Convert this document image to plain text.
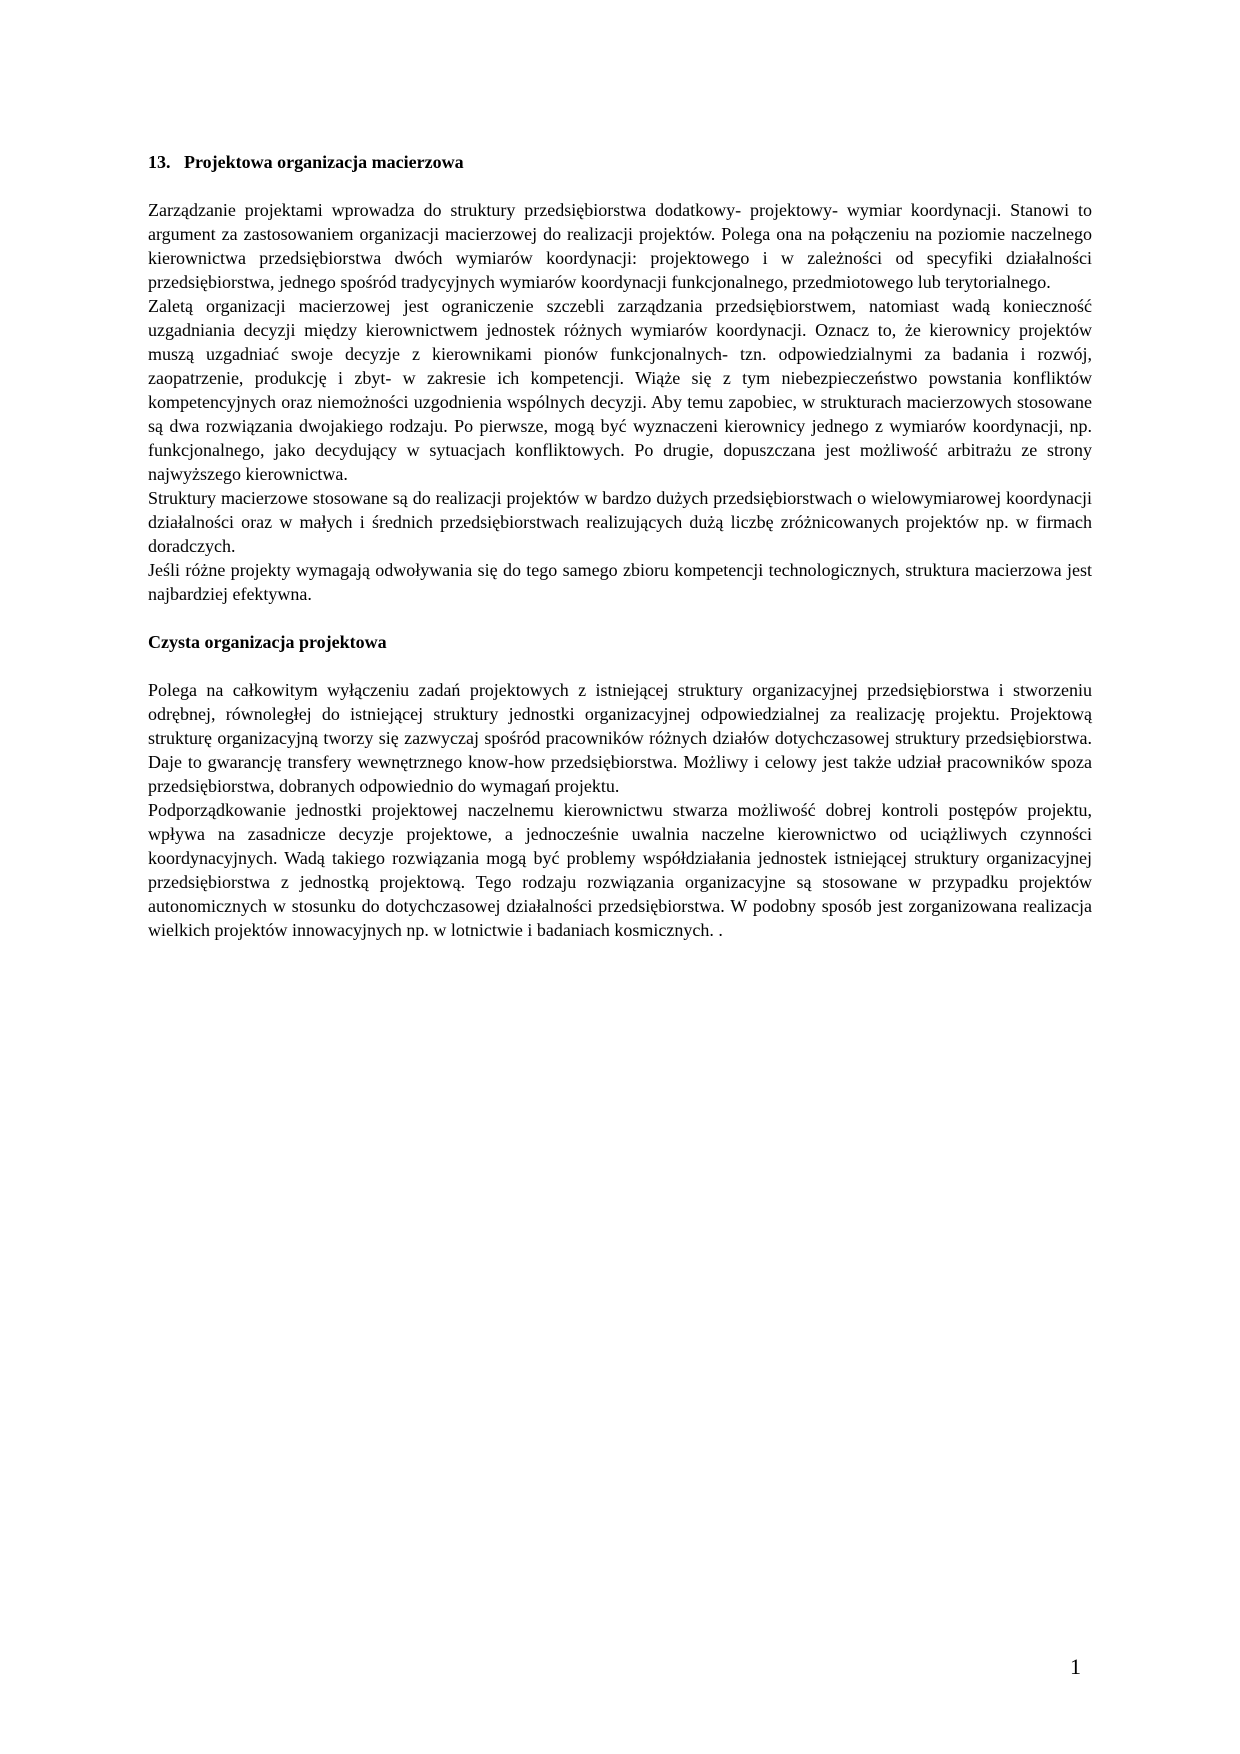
13. Projektowa organizacja macierzowa

Zarządzanie projektami wprowadza do struktury przedsiębiorstwa dodatkowy- projektowy- wymiar koordynacji. Stanowi to argument za zastosowaniem organizacji macierzowej do realizacji projektów. Polega ona na połączeniu na poziomie naczelnego kierownictwa przedsiębiorstwa dwóch wymiarów koordynacji: projektowego i w zależności od specyfiki działalności przedsiębiorstwa, jednego spośród tradycyjnych wymiarów koordynacji funkcjonalnego, przedmiotowego lub terytorialnego.

Zaletą organizacji macierzowej jest ograniczenie szczebli zarządzania przedsiębiorstwem, natomiast wadą konieczność uzgadniania decyzji między kierownictwem jednostek różnych wymiarów koordynacji. Oznacz to, że kierownicy projektów muszą uzgadniać swoje decyzje z kierownikami pionów funkcjonalnych- tzn. odpowiedzialnymi za badania i rozwój, zaopatrzenie, produkcję i zbyt- w zakresie ich kompetencji. Wiąże się z tym niebezpieczeństwo powstania konfliktów kompetencyjnych oraz niemożności uzgodnienia wspólnych decyzji. Aby temu zapobiec, w strukturach macierzowych stosowane są dwa rozwiązania dwojakiego rodzaju. Po pierwsze, mogą być wyznaczeni kierownicy jednego z wymiarów koordynacji, np. funkcjonalnego, jako decydujący w sytuacjach konfliktowych. Po drugie, dopuszczana jest możliwość arbitrażu ze strony najwyższego kierownictwa.

Struktury macierzowe stosowane są do realizacji projektów w bardzo dużych przedsiębiorstwach o wielowymiarowej koordynacji działalności oraz w małych i średnich przedsiębiorstwach realizujących dużą liczbę zróżnicowanych projektów np. w firmach doradczych.

Jeśli różne projekty wymagają odwoływania się do tego samego zbioru kompetencji technologicznych, struktura macierzowa jest najbardziej efektywna.

Czysta organizacja projektowa

Polega na całkowitym wyłączeniu zadań projektowych z istniejącej struktury organizacyjnej przedsiębiorstwa i stworzeniu odrębnej, równoległej do istniejącej struktury jednostki organizacyjnej odpowiedzialnej za realizację projektu. Projektową strukturę organizacyjną tworzy się zazwyczaj spośród pracowników różnych działów dotychczasowej struktury przedsiębiorstwa. Daje to gwarancję transfery wewnętrznego know-how przedsiębiorstwa. Możliwy i celowy jest także udział pracowników spoza przedsiębiorstwa, dobranych odpowiednio do wymagań projektu.

Podporządkowanie jednostki projektowej naczelnemu kierownictwu stwarza możliwość dobrej kontroli postępów projektu, wpływa na zasadnicze decyzje projektowe, a jednocześnie uwalnia naczelne kierownictwo od uciążliwych czynności koordynacyjnych. Wadą takiego rozwiązania mogą być problemy współdziałania jednostek istniejącej struktury organizacyjnej przedsiębiorstwa z jednostką projektową. Tego rodzaju rozwiązania organizacyjne są stosowane w przypadku projektów autonomicznych w stosunku do dotychczasowej działalności przedsiębiorstwa. W podobny sposób jest zorganizowana realizacja wielkich projektów innowacyjnych np. w lotnictwie i badaniach kosmicznych. .

1
